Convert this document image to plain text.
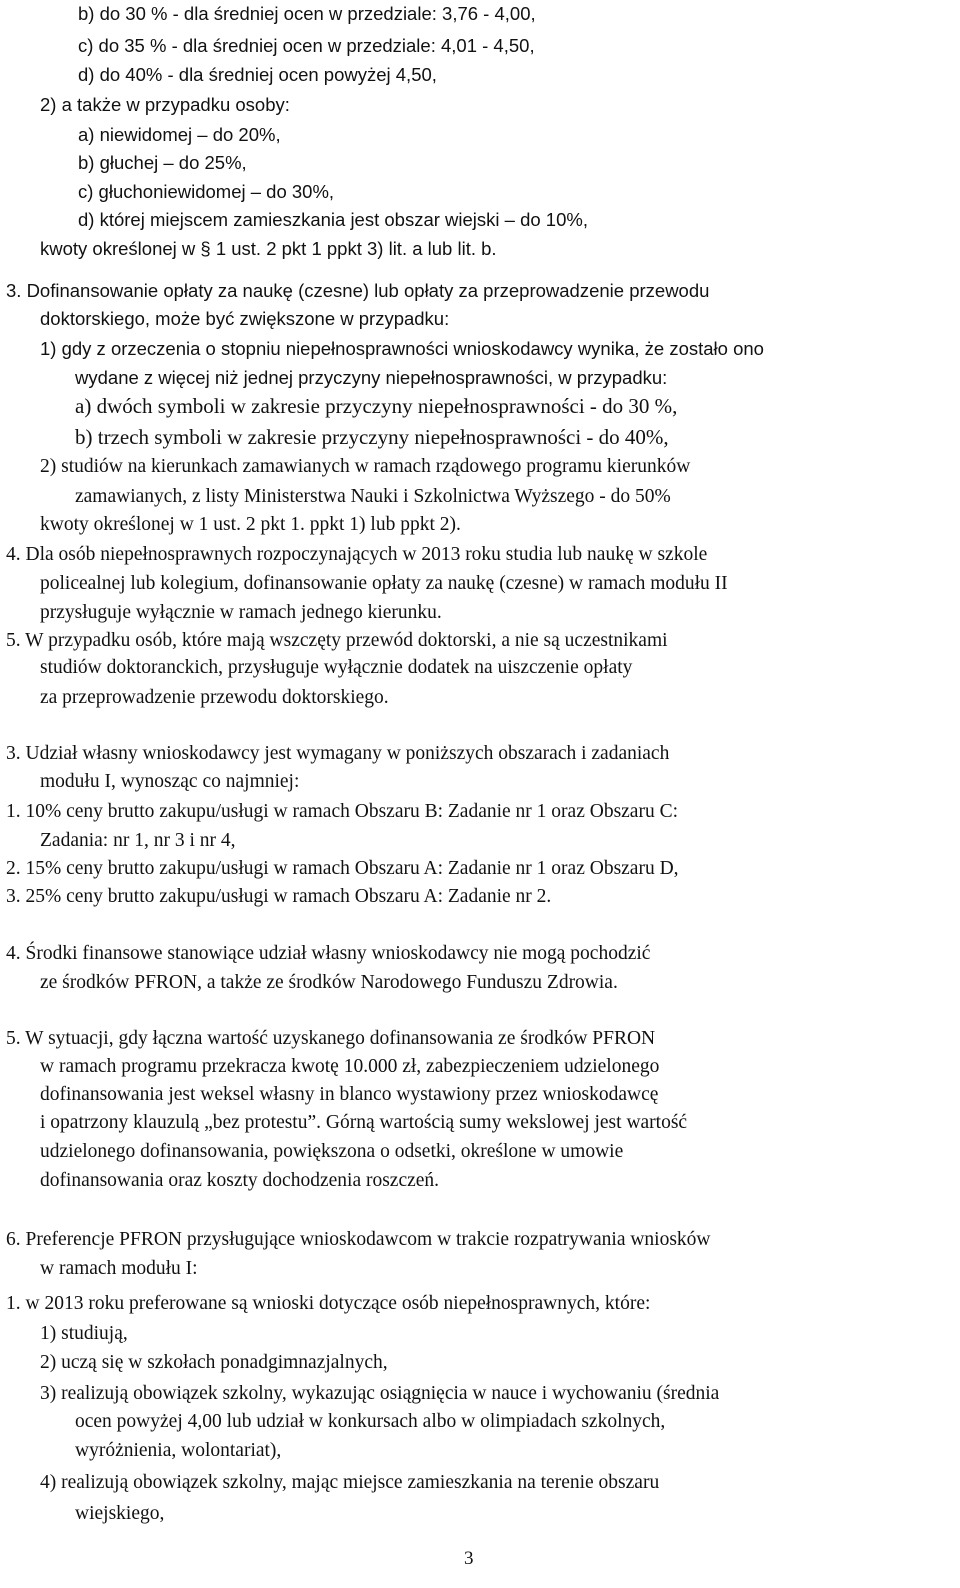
b) do 30 % - dla średniej ocen w przedziale: 3,76 - 4,00,
c) do 35 % - dla średniej ocen w przedziale: 4,01 - 4,50,
d) do 40% - dla średniej ocen powyżej 4,50,
2) a także w przypadku osoby:
a) niewidomej – do 20%,
b) głuchej – do 25%,
c) głuchoniewidomej – do 30%,
d) której miejscem zamieszkania jest obszar wiejski – do 10%,
kwoty określonej w § 1 ust. 2 pkt 1 ppkt 3) lit. a lub lit. b.
3. Dofinansowanie opłaty za naukę (czesne) lub opłaty za przeprowadzenie przewodu
doktorskiego, może być zwiększone w przypadku:
1) gdy z orzeczenia o stopniu niepełnosprawności wnioskodawcy wynika, że zostało ono
wydane z więcej niż jednej przyczyny niepełnosprawności, w przypadku:
a) dwóch symboli w zakresie przyczyny niepełnosprawności - do 30 %,
b) trzech symboli w zakresie przyczyny niepełnosprawności - do 40%,
2) studiów na kierunkach zamawianych w ramach rządowego programu kierunków
zamawianych, z listy Ministerstwa Nauki i Szkolnictwa Wyższego - do 50%
kwoty określonej w 1 ust. 2 pkt 1. ppkt 1) lub ppkt 2).
4. Dla osób niepełnosprawnych rozpoczynających w 2013 roku studia lub naukę w szkole
policealnej lub kolegium, dofinansowanie opłaty za naukę (czesne) w ramach modułu II
przysługuje wyłącznie w ramach jednego kierunku.
5. W przypadku osób, które mają wszczęty przewód doktorski, a nie są uczestnikami
studiów doktoranckich, przysługuje wyłącznie dodatek na uiszczenie opłaty
za przeprowadzenie przewodu doktorskiego.
3. Udział własny wnioskodawcy jest wymagany w poniższych obszarach i zadaniach
modułu I, wynosząc co najmniej:
1. 10% ceny brutto zakupu/usługi w ramach Obszaru B: Zadanie nr 1 oraz Obszaru C:
Zadania: nr 1, nr 3 i nr 4,
2. 15% ceny brutto zakupu/usługi w ramach Obszaru A: Zadanie nr 1 oraz Obszaru D,
3. 25% ceny brutto zakupu/usługi w ramach Obszaru A: Zadanie nr 2.
4. Środki finansowe stanowiące udział własny wnioskodawcy nie mogą pochodzić
ze środków PFRON, a także ze środków Narodowego Funduszu Zdrowia.
5. W sytuacji, gdy łączna wartość uzyskanego dofinansowania ze środków PFRON
w ramach programu przekracza kwotę 10.000 zł, zabezpieczeniem udzielonego
dofinansowania jest weksel własny in blanco wystawiony przez wnioskodawcę
i opatrzony klauzulą „bez protestu”. Górną wartością sumy wekslowej jest wartość
udzielonego dofinansowania, powiększona o odsetki, określone w umowie
dofinansowania oraz koszty dochodzenia roszczeń.
6. Preferencje PFRON przysługujące wnioskodawcom w trakcie rozpatrywania wniosków
w ramach modułu I:
1. w 2013 roku preferowane są wnioski dotyczące osób niepełnosprawnych, które:
1) studiują,
2) uczą się w szkołach ponadgimnazjalnych,
3) realizują obowiązek szkolny, wykazując osiągnięcia w nauce i wychowaniu (średnia
ocen powyżej 4,00 lub udział w konkursach albo w olimpiadach szkolnych,
wyróżnienia, wolontariat),
4) realizują obowiązek szkolny, mając miejsce zamieszkania na terenie obszaru
wiejskiego,
3
